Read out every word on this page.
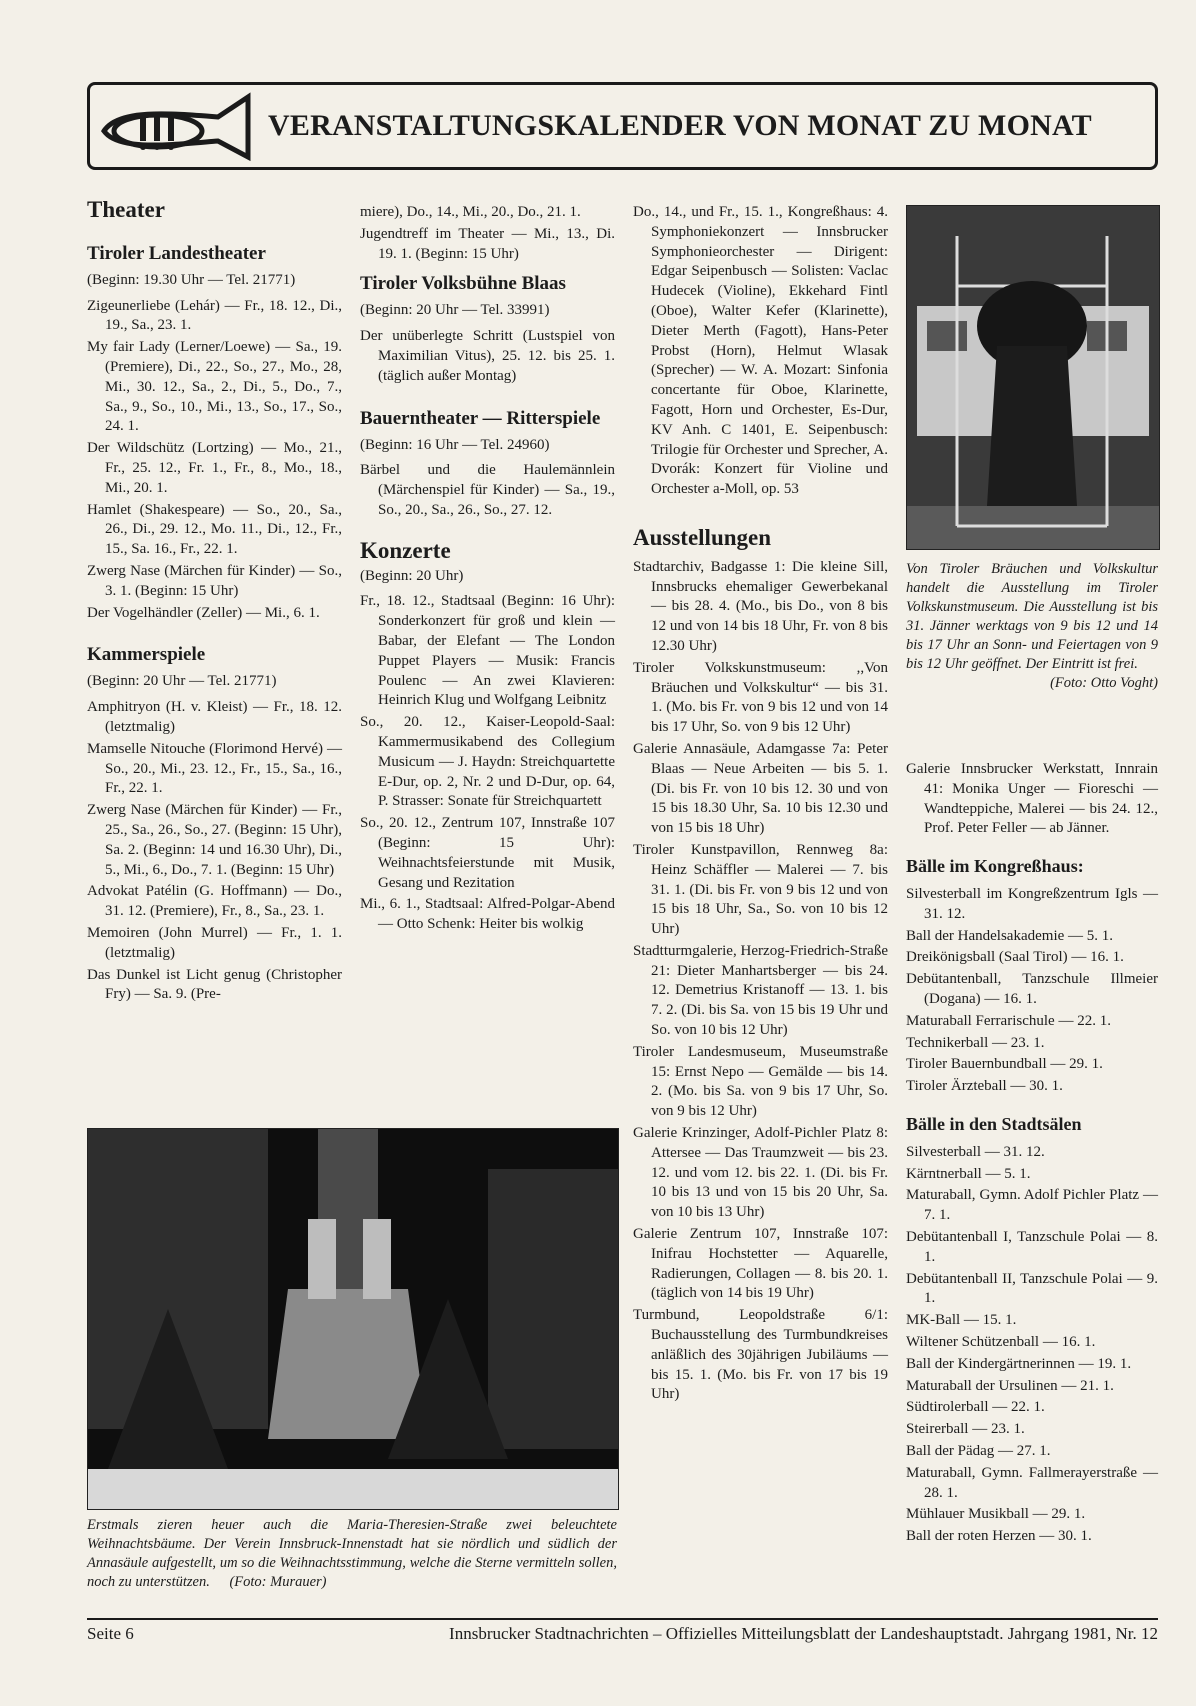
VERANSTALTUNGSKALENDER VON MONAT ZU MONAT
Theater
Tiroler Landestheater

(Beginn: 19.30 Uhr — Tel. 21771)

Zigeunerliebe (Lehár) — Fr., 18. 12., Di., 19., Sa., 23. 1.

My fair Lady (Lerner/Loewe) — Sa., 19. (Premiere), Di., 22., So., 27., Mo., 28, Mi., 30. 12., Sa., 2., Di., 5., Do., 7., Sa., 9., So., 10., Mi., 13., So., 17., So., 24. 1.

Der Wildschütz (Lortzing) — Mo., 21., Fr., 25. 12., Fr. 1., Fr., 8., Mo., 18., Mi., 20. 1.

Hamlet (Shakespeare) — So., 20., Sa., 26., Di., 29. 12., Mo. 11., Di., 12., Fr., 15., Sa. 16., Fr., 22. 1.

Zwerg Nase (Märchen für Kinder) — So., 3. 1. (Beginn: 15 Uhr)

Der Vogelhändler (Zeller) — Mi., 6. 1.

Kammerspiele

(Beginn: 20 Uhr — Tel. 21771)

Amphitryon (H. v. Kleist) — Fr., 18. 12. (letztmalig)

Mamselle Nitouche (Florimond Hervé) — So., 20., Mi., 23. 12., Fr., 15., Sa., 16., Fr., 22. 1.

Zwerg Nase (Märchen für Kinder) — Fr., 25., Sa., 26., So., 27. (Beginn: 15 Uhr), Sa. 2. (Beginn: 14 und 16.30 Uhr), Di., 5., Mi., 6., Do., 7. 1. (Beginn: 15 Uhr)

Advokat Patélin (G. Hoffmann) — Do., 31. 12. (Premiere), Fr., 8., Sa., 23. 1.

Memoiren (John Murrel) — Fr., 1. 1. (letztmalig)

Das Dunkel ist Licht genug (Christopher Fry) — Sa. 9. (Pre-

miere), Do., 14., Mi., 20., Do., 21. 1.

Jugendtreff im Theater — Mi., 13., Di. 19. 1. (Beginn: 15 Uhr)

Tiroler Volksbühne Blaas

(Beginn: 20 Uhr — Tel. 33991)

Der unüberlegte Schritt (Lustspiel von Maximilian Vitus), 25. 12. bis 25. 1. (täglich außer Montag)

Bauerntheater — Ritterspiele

(Beginn: 16 Uhr — Tel. 24960)

Bärbel und die Haulemännlein (Märchenspiel für Kinder) — Sa., 19., So., 20., Sa., 26., So., 27. 12.

Konzerte

(Beginn: 20 Uhr)

Fr., 18. 12., Stadtsaal (Beginn: 16 Uhr): Sonderkonzert für groß und klein — Babar, der Elefant — The London Puppet Players — Musik: Francis Poulenc — An zwei Klavieren: Heinrich Klug und Wolfgang Leibnitz

So., 20. 12., Kaiser-Leopold-Saal: Kammermusikabend des Collegium Musicum — J. Haydn: Streichquartette E-Dur, op. 2, Nr. 2 und D-Dur, op. 64, P. Strasser: Sonate für Streichquartett

So., 20. 12., Zentrum 107, Innstraße 107 (Beginn: 15 Uhr): Weihnachtsfeierstunde mit Musik, Gesang und Rezitation

Mi., 6. 1., Stadtsaal: Alfred-Polgar-Abend — Otto Schenk: Heiter bis wolkig

Do., 14., und Fr., 15. 1., Kongreßhaus: 4. Symphoniekonzert — Innsbrucker Symphonieorchester — Dirigent: Edgar Seipenbusch — Solisten: Vaclac Hudecek (Violine), Ekkehard Fintl (Oboe), Walter Kefer (Klarinette), Dieter Merth (Fagott), Hans-Peter Probst (Horn), Helmut Wlasak (Sprecher) — W. A. Mozart: Sinfonia concertante für Oboe, Klarinette, Fagott, Horn und Orchester, Es-Dur, KV Anh. C 1401, E. Seipenbusch: Trilogie für Orchester und Sprecher, A. Dvorák: Konzert für Violine und Orchester a-Moll, op. 53

Ausstellungen

Stadtarchiv, Badgasse 1: Die kleine Sill, Innsbrucks ehemaliger Gewerbekanal — bis 28. 4. (Mo., bis Do., von 8 bis 12 und von 14 bis 18 Uhr, Fr. von 8 bis 12.30 Uhr)

Tiroler Volkskunstmuseum: ,,Von Bräuchen und Volkskultur“ — bis 31. 1. (Mo. bis Fr. von 9 bis 12 und von 14 bis 17 Uhr, So. von 9 bis 12 Uhr)

Galerie Annasäule, Adamgasse 7a: Peter Blaas — Neue Arbeiten — bis 5. 1. (Di. bis Fr. von 10 bis 12. 30 und von 15 bis 18.30 Uhr, Sa. 10 bis 12.30 und von 15 bis 18 Uhr)

Tiroler Kunstpavillon, Rennweg 8a: Heinz Schäffler — Malerei — 7. bis 31. 1. (Di. bis Fr. von 9 bis 12 und von 15 bis 18 Uhr, Sa., So. von 10 bis 12 Uhr)

Stadtturmgalerie, Herzog-Friedrich-Straße 21: Dieter Manhartsberger — bis 24. 12. Demetrius Kristanoff — 13. 1. bis 7. 2. (Di. bis Sa. von 15 bis 19 Uhr und So. von 10 bis 12 Uhr)

Tiroler Landesmuseum, Museumstraße 15: Ernst Nepo — Gemälde — bis 14. 2. (Mo. bis Sa. von 9 bis 17 Uhr, So. von 9 bis 12 Uhr)

Galerie Krinzinger, Adolf-Pichler Platz 8: Attersee — Das Traumzweit — bis 23. 12. und vom 12. bis 22. 1. (Di. bis Fr. 10 bis 13 und von 15 bis 20 Uhr, Sa. von 10 bis 13 Uhr)

Galerie Zentrum 107, Innstraße 107: Inifrau Hochstetter — Aquarelle, Radierungen, Collagen — 8. bis 20. 1. (täglich von 14 bis 19 Uhr)

Turmbund, Leopoldstraße 6/1: Buchausstellung des Turmbundkreises anläßlich des 30jährigen Jubiläums — bis 15. 1. (Mo. bis Fr. von 17 bis 19 Uhr)

Von Tiroler Bräuchen und Volkskultur handelt die Ausstellung im Tiroler Volkskunstmuseum. Die Ausstellung ist bis 31. Jänner werktags von 9 bis 12 und 14 bis 17 Uhr an Sonn- und Feiertagen von 9 bis 12 Uhr geöffnet. Der Eintritt ist frei.
(Foto: Otto Voght)

Galerie Innsbrucker Werkstatt, Innrain 41: Monika Unger — Fioreschi — Wandteppiche, Malerei — bis 24. 12., Prof. Peter Feller — ab Jänner.

Bälle im Kongreßhaus:

Silvesterball im Kongreßzentrum Igls — 31. 12.

Ball der Handelsakademie — 5. 1.

Dreikönigsball (Saal Tirol) — 16. 1.

Debütantenball, Tanzschule Illmeier (Dogana) — 16. 1.

Maturaball Ferrarischule — 22. 1.

Technikerball — 23. 1.

Tiroler Bauernbundball — 29. 1.

Tiroler Ärzteball — 30. 1.

Bälle in den Stadtsälen

Silvesterball — 31. 12.

Kärntnerball — 5. 1.

Maturaball, Gymn. Adolf Pichler Platz — 7. 1.

Debütantenball I, Tanzschule Polai — 8. 1.

Debütantenball II, Tanzschule Polai — 9. 1.

MK-Ball — 15. 1.

Wiltener Schützenball — 16. 1.

Ball der Kindergärtnerinnen — 19. 1.

Maturaball der Ursulinen — 21. 1.

Südtirolerball — 22. 1.

Steirerball — 23. 1.

Ball der Pädag — 27. 1.

Maturaball, Gymn. Fallmerayerstraße — 28. 1.

Mühlauer Musikball — 29. 1.

Ball der roten Herzen — 30. 1.

Erstmals zieren heuer auch die Maria-Theresien-Straße zwei beleuchtete Weihnachtsbäume. Der Verein Innsbruck-Innenstadt hat sie nördlich und südlich der Annasäule aufgestellt, um so die Weihnachtsstimmung, welche die Sterne vermitteln sollen, noch zu unterstützen. (Foto: Murauer)
Seite 6	Innsbrucker Stadtnachrichten – Offizielles Mitteilungsblatt der Landeshauptstadt. Jahrgang 1981, Nr. 12
